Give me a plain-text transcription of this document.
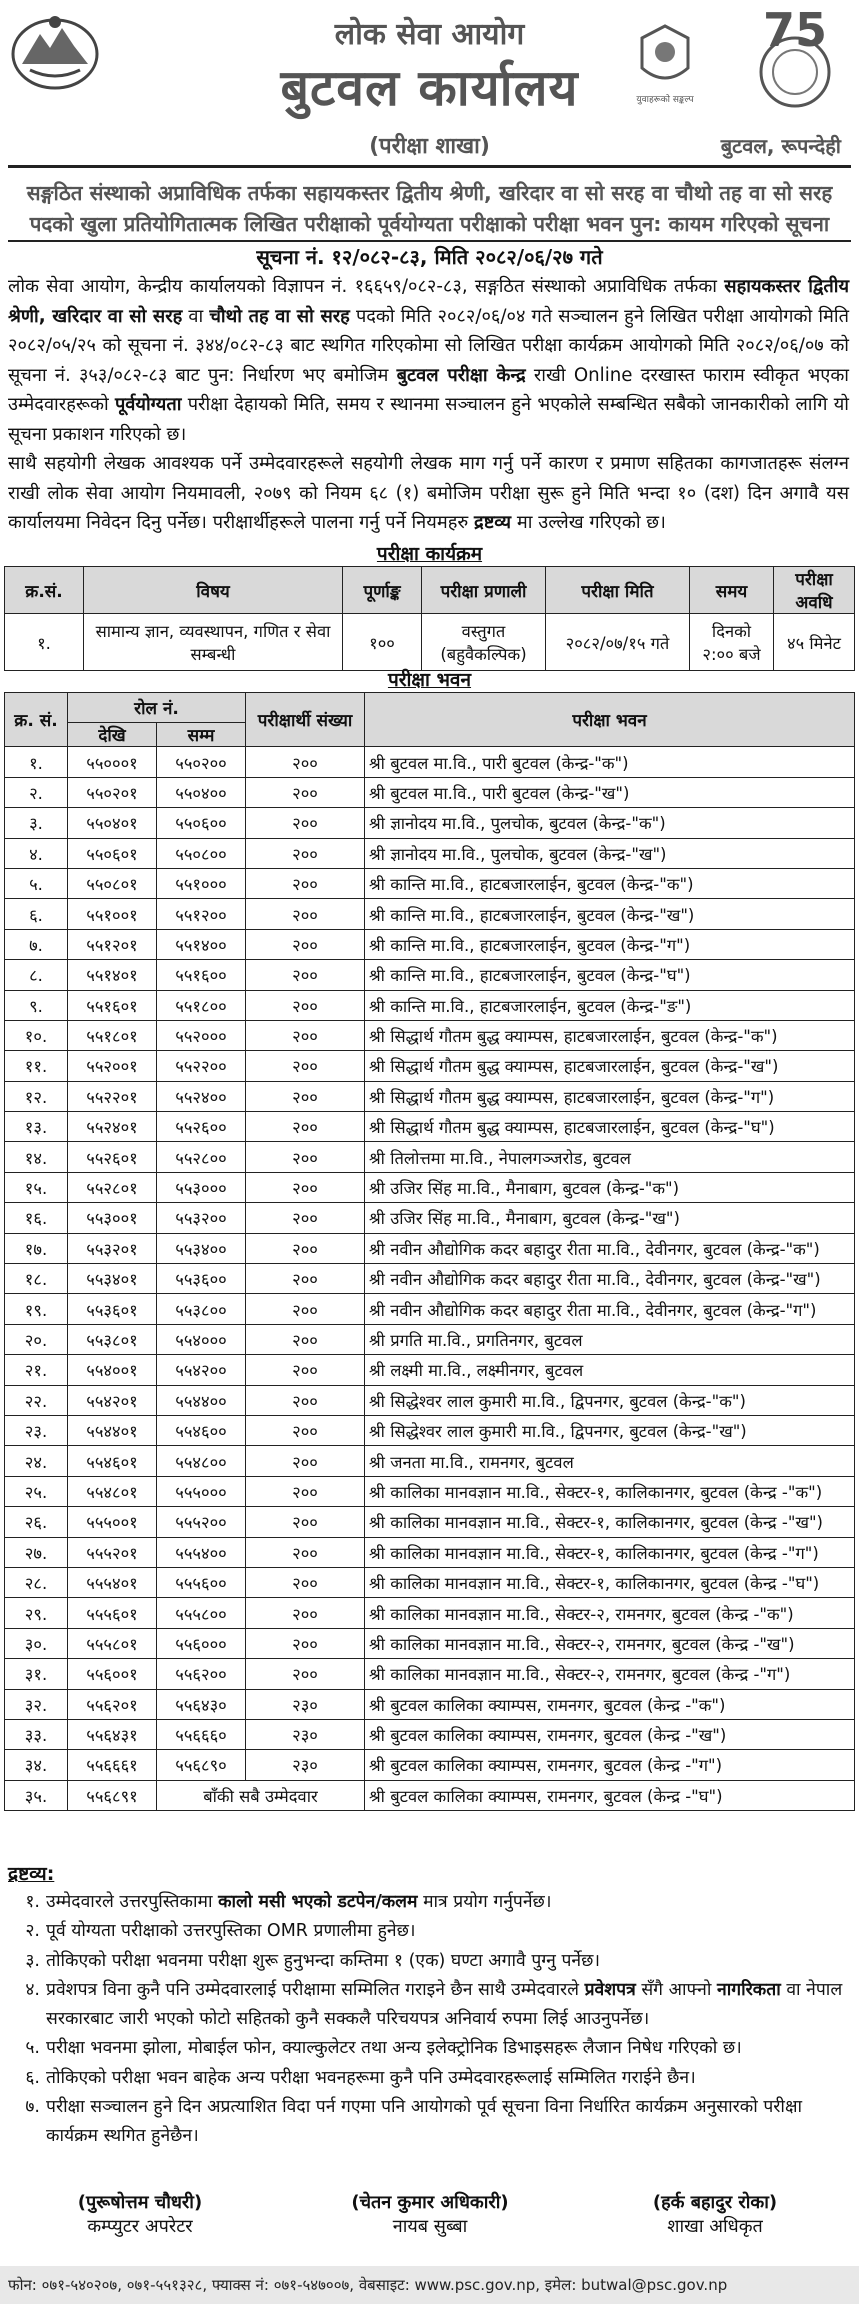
लोक सेवा आयोग
बुटवल कार्यालय
(परीक्षा शाखा)	बुटवल, रूपन्देही
युवाहरूको सङ्कल्प
75
सङ्गठित संस्थाको अप्राविधिक तर्फका सहायकस्तर द्वितीय श्रेणी, खरिदार वा सो सरह वा चौथो तह वा सो सरह पदको खुला प्रतियोगितात्मक लिखित परीक्षाको पूर्वयोग्यता परीक्षाको परीक्षा भवन पुन: कायम गरिएको सूचना
सूचना नं. १२/०८२-८३, मिति २०८२/०६/२७ गते

लोक सेवा आयोग, केन्द्रीय कार्यालयको विज्ञापन नं. १६६५९/०८२-८३, सङ्गठित संस्थाको अप्राविधिक तर्फका सहायकस्तर द्वितीय श्रेणी, खरिदार वा सो सरह वा चौथो तह वा सो सरह पदको मिति २०८२/०६/०४ गते सञ्चालन हुने लिखित परीक्षा आयोगको मिति २०८२/०५/२५ को सूचना नं. ३४४/०८२-८३ बाट स्थगित गरिएकोमा सो लिखित परीक्षा कार्यक्रम आयोगको मिति २०८२/०६/०७ को सूचना नं. ३५३/०८२-८३ बाट पुन: निर्धारण भए बमोजिम बुटवल परीक्षा केन्द्र राखी Online दरखास्त फाराम स्वीकृत भएका उम्मेदवारहरूको पूर्वयोग्यता परीक्षा देहायको मिति, समय र स्थानमा सञ्चालन हुने भएकोले सम्बन्धित सबैको जानकारीको लागि यो सूचना प्रकाशन गरिएको छ।

साथै सहयोगी लेखक आवश्यक पर्ने उम्मेदवारहरूले सहयोगी लेखक माग गर्नु पर्ने कारण र प्रमाण सहितका कागजातहरू संलग्न राखी लोक सेवा आयोग नियमावली, २०७९ को नियम ६८ (१) बमोजिम परीक्षा सुरू हुने मिति भन्दा १० (दश) दिन अगावै यस कार्यालयमा निवेदन दिनु पर्नेछ। परीक्षार्थीहरूले पालना गर्नु पर्ने नियमहरु द्रष्टव्य मा उल्लेख गरिएको छ।

परीक्षा कार्यक्रम
क्र.सं.	विषय	पूर्णाङ्क	परीक्षा प्रणाली	परीक्षा मिति	समय	परीक्षा अवधि
१.	सामान्य ज्ञान, व्यवस्थापन, गणित र सेवा सम्बन्धी	१००	वस्तुगत (बहुवैकल्पिक)	२०८२/०७/१५ गते	दिनको २:०० बजे	४५ मिनेट
परीक्षा भवन
क्र. सं.	रोल नं.		परीक्षार्थी संख्या	परीक्षा भवन
	देखि	सम्म		
१.	५५०००१	५५०२००	२००	श्री बुटवल मा.वि., पारी बुटवल (केन्द्र-"क")
२.	५५०२०१	५५०४००	२००	श्री बुटवल मा.वि., पारी बुटवल (केन्द्र-"ख")
३.	५५०४०१	५५०६००	२००	श्री ज्ञानोदय मा.वि., पुलचोक, बुटवल (केन्द्र-"क")
४.	५५०६०१	५५०८००	२००	श्री ज्ञानोदय मा.वि., पुलचोक, बुटवल (केन्द्र-"ख")
५.	५५०८०१	५५१०००	२००	श्री कान्ति मा.वि., हाटबजारलाईन, बुटवल (केन्द्र-"क")
६.	५५१००१	५५१२००	२००	श्री कान्ति मा.वि., हाटबजारलाईन, बुटवल (केन्द्र-"ख")
७.	५५१२०१	५५१४००	२००	श्री कान्ति मा.वि., हाटबजारलाईन, बुटवल (केन्द्र-"ग")
८.	५५१४०१	५५१६००	२००	श्री कान्ति मा.वि., हाटबजारलाईन, बुटवल (केन्द्र-"घ")
९.	५५१६०१	५५१८००	२००	श्री कान्ति मा.वि., हाटबजारलाईन, बुटवल (केन्द्र-"ङ")
१०.	५५१८०१	५५२०००	२००	श्री सिद्धार्थ गौतम बुद्ध क्याम्पस, हाटबजारलाईन, बुटवल (केन्द्र-"क")
११.	५५२००१	५५२२००	२००	श्री सिद्धार्थ गौतम बुद्ध क्याम्पस, हाटबजारलाईन, बुटवल (केन्द्र-"ख")
१२.	५५२२०१	५५२४००	२००	श्री सिद्धार्थ गौतम बुद्ध क्याम्पस, हाटबजारलाईन, बुटवल (केन्द्र-"ग")
१३.	५५२४०१	५५२६००	२००	श्री सिद्धार्थ गौतम बुद्ध क्याम्पस, हाटबजारलाईन, बुटवल (केन्द्र-"घ")
१४.	५५२६०१	५५२८००	२००	श्री तिलोत्तमा मा.वि., नेपालगञ्जरोड, बुटवल
१५.	५५२८०१	५५३०००	२००	श्री उजिर सिंह मा.वि., मैनाबाग, बुटवल (केन्द्र-"क")
१६.	५५३००१	५५३२००	२००	श्री उजिर सिंह मा.वि., मैनाबाग, बुटवल (केन्द्र-"ख")
१७.	५५३२०१	५५३४००	२००	श्री नवीन औद्योगिक कदर बहादुर रीता मा.वि., देवीनगर, बुटवल (केन्द्र-"क")
१८.	५५३४०१	५५३६००	२००	श्री नवीन औद्योगिक कदर बहादुर रीता मा.वि., देवीनगर, बुटवल (केन्द्र-"ख")
१९.	५५३६०१	५५३८००	२००	श्री नवीन औद्योगिक कदर बहादुर रीता मा.वि., देवीनगर, बुटवल (केन्द्र-"ग")
२०.	५५३८०१	५५४०००	२००	श्री प्रगति मा.वि., प्रगतिनगर, बुटवल
२१.	५५४००१	५५४२००	२००	श्री लक्ष्मी मा.वि., लक्ष्मीनगर, बुटवल
२२.	५५४२०१	५५४४००	२००	श्री सिद्धेश्वर लाल कुमारी मा.वि., द्विपनगर, बुटवल (केन्द्र-"क")
२३.	५५४४०१	५५४६००	२००	श्री सिद्धेश्वर लाल कुमारी मा.वि., द्विपनगर, बुटवल (केन्द्र-"ख")
२४.	५५४६०१	५५४८००	२००	श्री जनता मा.वि., रामनगर, बुटवल
२५.	५५४८०१	५५५०००	२००	श्री कालिका मानवज्ञान मा.वि., सेक्टर-१, कालिकानगर, बुटवल (केन्द्र -"क")
२६.	५५५००१	५५५२००	२००	श्री कालिका मानवज्ञान मा.वि., सेक्टर-१, कालिकानगर, बुटवल (केन्द्र -"ख")
२७.	५५५२०१	५५५४००	२००	श्री कालिका मानवज्ञान मा.वि., सेक्टर-१, कालिकानगर, बुटवल (केन्द्र -"ग")
२८.	५५५४०१	५५५६००	२००	श्री कालिका मानवज्ञान मा.वि., सेक्टर-१, कालिकानगर, बुटवल (केन्द्र -"घ")
२९.	५५५६०१	५५५८००	२००	श्री कालिका मानवज्ञान मा.वि., सेक्टर-२, रामनगर, बुटवल (केन्द्र -"क")
३०.	५५५८०१	५५६०००	२००	श्री कालिका मानवज्ञान मा.वि., सेक्टर-२, रामनगर, बुटवल (केन्द्र -"ख")
३१.	५५६००१	५५६२००	२००	श्री कालिका मानवज्ञान मा.वि., सेक्टर-२, रामनगर, बुटवल (केन्द्र -"ग")
३२.	५५६२०१	५५६४३०	२३०	श्री बुटवल कालिका क्याम्पस, रामनगर, बुटवल (केन्द्र -"क")
३३.	५५६४३१	५५६६६०	२३०	श्री बुटवल कालिका क्याम्पस, रामनगर, बुटवल (केन्द्र -"ख")
३४.	५५६६६१	५५६८९०	२३०	श्री बुटवल कालिका क्याम्पस, रामनगर, बुटवल (केन्द्र -"ग")
३५.	५५६८९१	बाँकी सबै उम्मेदवार		श्री बुटवल कालिका क्याम्पस, रामनगर, बुटवल (केन्द्र -"घ")
द्रष्टव्य:
१. उम्मेदवारले उत्तरपुस्तिकामा कालो मसी भएको डटपेन/कलम मात्र प्रयोग गर्नुपर्नेछ।
२. पूर्व योग्यता परीक्षाको उत्तरपुस्तिका OMR प्रणालीमा हुनेछ।
३. तोकिएको परीक्षा भवनमा परीक्षा शुरू हुनुभन्दा कम्तिमा १ (एक) घण्टा अगावै पुग्नु पर्नेछ।
४. प्रवेशपत्र विना कुनै पनि उम्मेदवारलाई परीक्षामा सम्मिलित गराइने छैन साथै उम्मेदवारले प्रवेशपत्र सँगै आफ्नो नागरिकता वा नेपाल सरकारबाट जारी भएको फोटो सहितको कुनै सक्कलै परिचयपत्र अनिवार्य रुपमा लिई आउनुपर्नेछ।
५. परीक्षा भवनमा झोला, मोबाईल फोन, क्याल्कुलेटर तथा अन्य इलेक्ट्रोनिक डिभाइसहरू लैजान निषेध गरिएको छ।
६. तोकिएको परीक्षा भवन बाहेक अन्य परीक्षा भवनहरूमा कुनै पनि उम्मेदवारहरूलाई सम्मिलित गराईने छैन।
७. परीक्षा सञ्चालन हुने दिन अप्रत्याशित विदा पर्न गएमा पनि आयोगको पूर्व सूचना विना निर्धारित कार्यक्रम अनुसारको परीक्षा कार्यक्रम स्थगित हुनेछैन।
(पुरूषोत्तम चौधरी)
कम्प्युटर अपरेटर
(चेतन कुमार अधिकारी)
नायब सुब्बा
(हर्क बहादुर रोका)
शाखा अधिकृत
फोन: ०७१-५४०२०७, ०७१-५५१३२८, फ्याक्स नं: ०७१-५४७००७, वेबसाइट: www.psc.gov.np, इमेल: butwal@psc.gov.np
